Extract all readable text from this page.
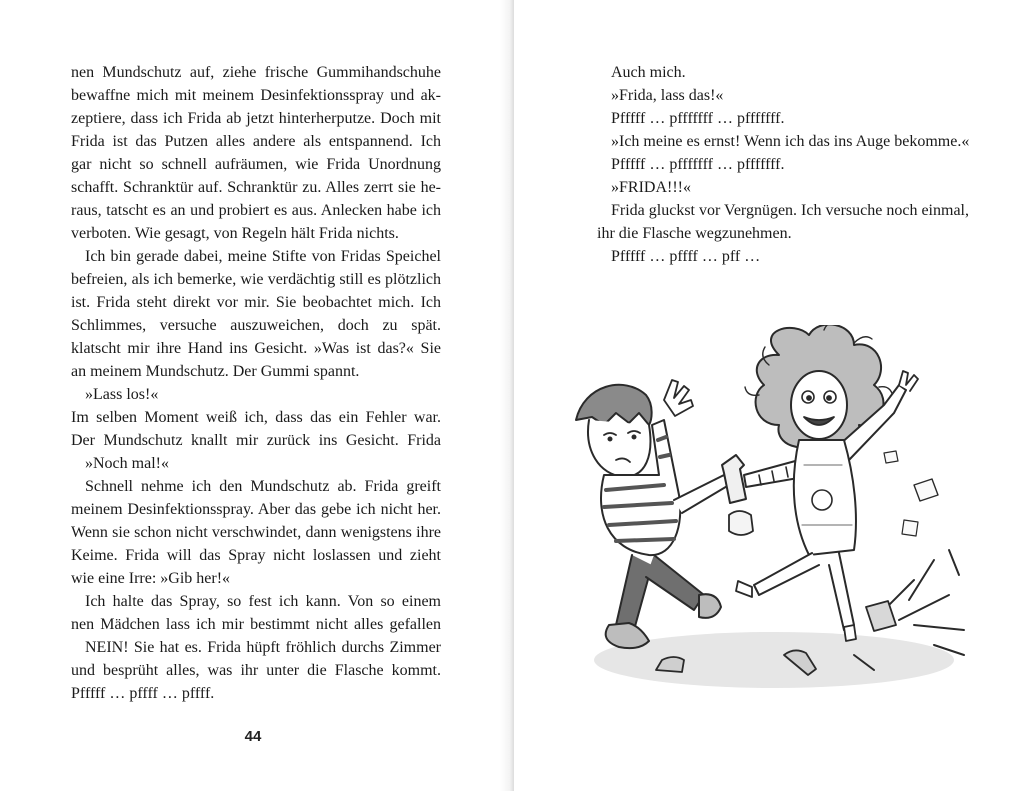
nen Mundschutz auf, ziehe frische Gummihandschuhe
bewaffne mich mit meinem Desinfektionsspray und ak-
zeptiere, dass ich Frida ab jetzt hinterherputze. Doch mit
Frida ist das Putzen alles andere als entspannend. Ich
gar nicht so schnell aufräumen, wie Frida Unordnung
schafft. Schranktür auf. Schranktür zu. Alles zerrt sie he-
raus, tatscht es an und probiert es aus. Anlecken habe ich
verboten. Wie gesagt, von Regeln hält Frida nichts.
Ich bin gerade dabei, meine Stifte von Fridas Speichel
befreien, als ich bemerke, wie verdächtig still es plötzlich
ist. Frida steht direkt vor mir. Sie beobachtet mich. Ich
Schlimmes, versuche auszuweichen, doch zu spät.
klatscht mir ihre Hand ins Gesicht. »Was ist das?« Sie
an meinem Mundschutz. Der Gummi spannt.
»Lass los!«
Im selben Moment weiß ich, dass das ein Fehler war.
Der Mundschutz knallt mir zurück ins Gesicht. Frida
»Noch mal!«
Schnell nehme ich den Mundschutz ab. Frida greift
meinem Desinfektionsspray. Aber das gebe ich nicht her.
Wenn sie schon nicht verschwindet, dann wenigstens ihre
Keime. Frida will das Spray nicht loslassen und zieht
wie eine Irre: »Gib her!«
Ich halte das Spray, so fest ich kann. Von so einem
nen Mädchen lass ich mir bestimmt nicht alles gefallen
NEIN! Sie hat es. Frida hüpft fröhlich durchs Zimmer
und besprüht alles, was ihr unter die Flasche kommt.
Pfffff … pffff … pffff.
44
Auch mich.
»Frida, lass das!«
Pfffff … pfffffff … pfffffff.
»Ich meine es ernst! Wenn ich das ins Auge bekomme.«
Pfffff … pfffffff … pfffffff.
»FRIDA!!!«
Frida gluckst vor Vergnügen. Ich versuche noch einmal,
ihr die Flasche wegzunehmen.
Pfffff … pffff … pff …
